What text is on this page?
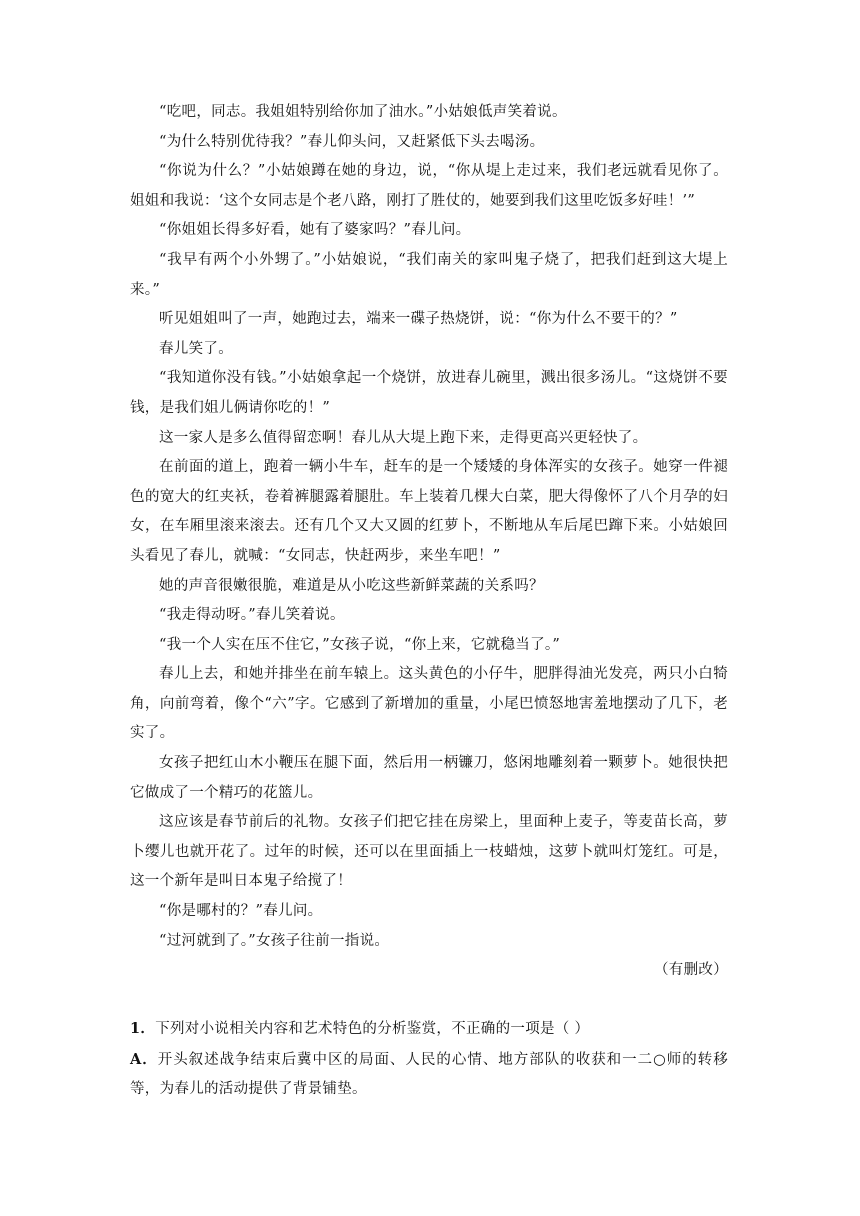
“吃吧，同志。我姐姐特别给你加了油水。”小姑娘低声笑着说。

“为什么特别优待我？”春儿仰头问，又赶紧低下头去喝汤。

“你说为什么？”小姑娘蹲在她的身边，说，“你从堤上走过来，我们老远就看见你了。姐姐和我说：‘这个女同志是个老八路，刚打了胜仗的，她要到我们这里吃饭多好哇！’”

“你姐姐长得多好看，她有了婆家吗？”春儿问。

“我早有两个小外甥了。”小姑娘说，“我们南关的家叫鬼子烧了，把我们赶到这大堤上来。”

听见姐姐叫了一声，她跑过去，端来一碟子热烧饼，说：“你为什么不要干的？”

春儿笑了。

“我知道你没有钱。”小姑娘拿起一个烧饼，放进春儿碗里，溅出很多汤儿。“这烧饼不要钱，是我们姐儿俩请你吃的！”

这一家人是多么值得留恋啊！春儿从大堤上跑下来，走得更高兴更轻快了。

在前面的道上，跑着一辆小牛车，赶车的是一个矮矮的身体浑实的女孩子。她穿一件褪色的宽大的红夹袄，卷着裤腿露着腿肚。车上装着几棵大白菜，肥大得像怀了八个月孕的妇女，在车厢里滚来滚去。还有几个又大又圆的红萝卜，不断地从车后尾巴蹿下来。小姑娘回头看见了春儿，就喊：“女同志，快赶两步，来坐车吧！”

她的声音很嫩很脆，难道是从小吃这些新鲜菜蔬的关系吗？

“我走得动呀。”春儿笑着说。

“我一个人实在压不住它，”女孩子说，“你上来，它就稳当了。”

春儿上去，和她并排坐在前车辕上。这头黄色的小仔牛，肥胖得油光发亮，两只小白犄角，向前弯着，像个“六”字。它感到了新增加的重量，小尾巴愤怒地害羞地摆动了几下，老实了。

女孩子把红山木小鞭压在腿下面，然后用一柄镰刀，悠闲地雕刻着一颗萝卜。她很快把它做成了一个精巧的花篮儿。

这应该是春节前后的礼物。女孩子们把它挂在房梁上，里面种上麦子，等麦苗长高，萝卜缨儿也就开花了。过年的时候，还可以在里面插上一枝蜡烛，这萝卜就叫灯笼红。可是，这一个新年是叫日本鬼子给搅了！

“你是哪村的？”春儿问。

“过河就到了。”女孩子往前一指说。

（有删改）

1．下列对小说相关内容和艺术特色的分析鉴赏，不正确的一项是（ ）

A．开头叙述战争结束后冀中区的局面、人民的心情、地方部队的收获和一二○师的转移等，为春儿的活动提供了背景铺垫。
